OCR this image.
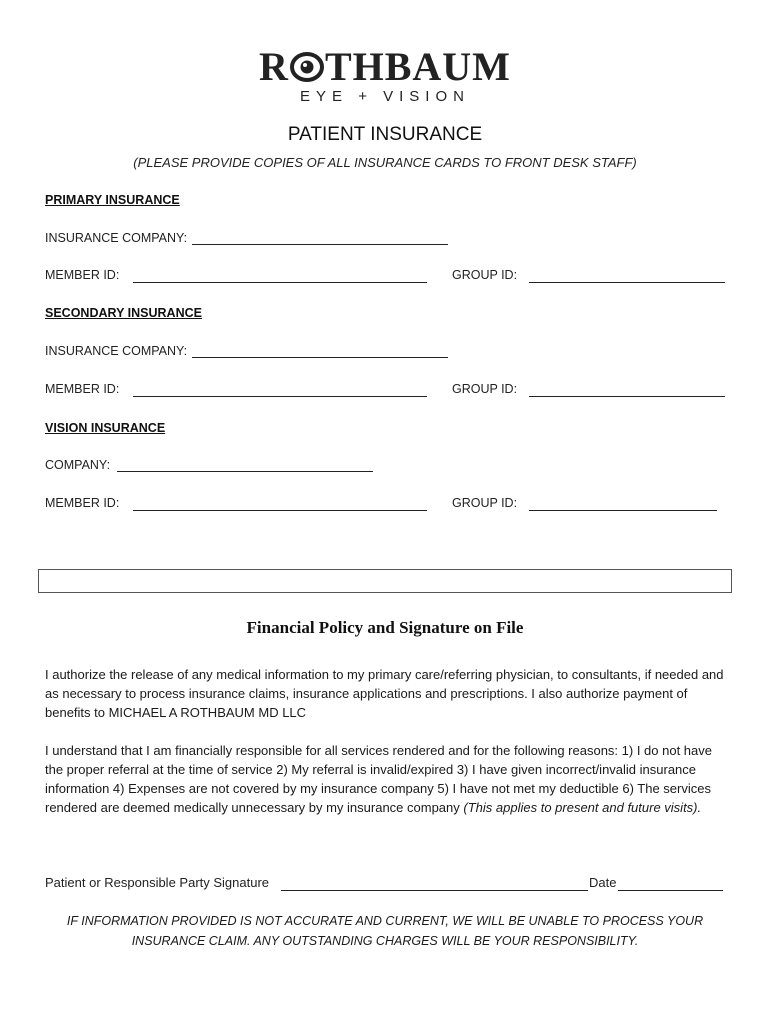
R THBAUM
EYE + VISION
PATIENT INSURANCE
(PLEASE PROVIDE COPIES OF ALL INSURANCE CARDS TO FRONT DESK STAFF)
PRIMARY INSURANCE
INSURANCE COMPANY:
MEMBER ID:	GROUP ID:
SECONDARY INSURANCE
INSURANCE COMPANY:
MEMBER ID:	GROUP ID:
VISION INSURANCE
COMPANY:
MEMBER ID:	GROUP ID:
Financial Policy and Signature on File
I authorize the release of any medical information to my primary care/referring physician, to consultants, if needed and as necessary to process insurance claims, insurance applications and prescriptions. I also authorize payment of benefits to MICHAEL A ROTHBAUM MD LLC
I understand that I am financially responsible for all services rendered and for the following reasons: 1) I do not have the proper referral at the time of service 2) My referral is invalid/expired 3) I have given incorrect/invalid insurance information 4) Expenses are not covered by my insurance company 5) I have not met my deductible 6) The services rendered are deemed medically unnecessary by my insurance company (This applies to present and future visits).
Patient or Responsible Party Signature	Date
IF INFORMATION PROVIDED IS NOT ACCURATE AND CURRENT, WE WILL BE UNABLE TO PROCESS YOUR
INSURANCE CLAIM. ANY OUTSTANDING CHARGES WILL BE YOUR RESPONSIBILITY.
